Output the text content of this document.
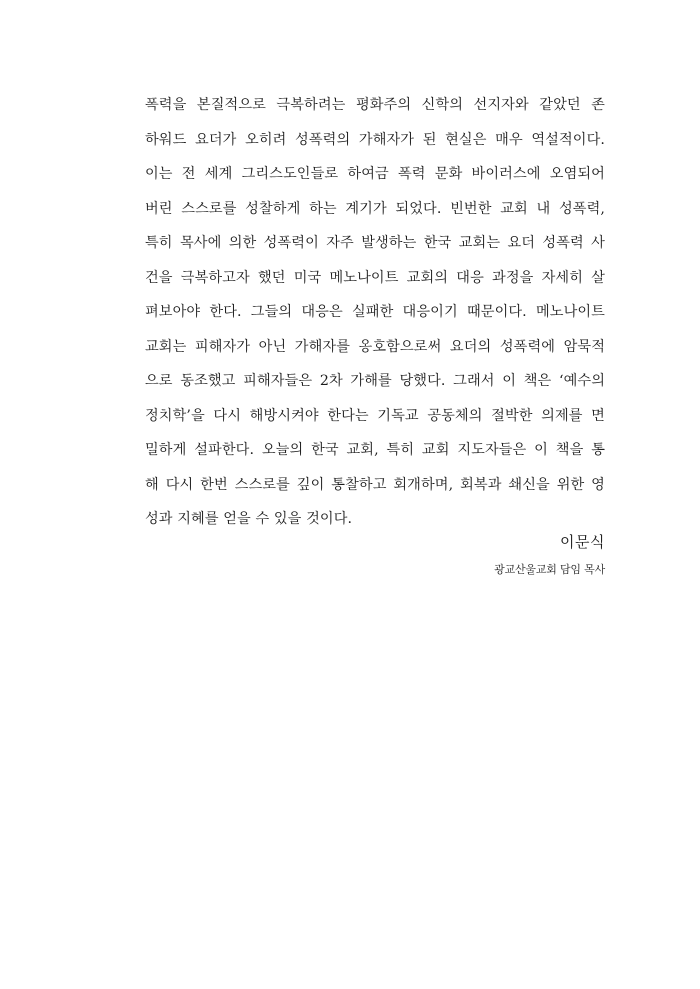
폭력을 본질적으로 극복하려는 평화주의 신학의 선지자와 같았던 존
하워드 요더가 오히려 성폭력의 가해자가 된 현실은 매우 역설적이다.
이는 전 세계 그리스도인들로 하여금 폭력 문화 바이러스에 오염되어
버린 스스로를 성찰하게 하는 계기가 되었다. 빈번한 교회 내 성폭력,
특히 목사에 의한 성폭력이 자주 발생하는 한국 교회는 요더 성폭력 사
건을 극복하고자 했던 미국 메노나이트 교회의 대응 과정을 자세히 살
펴보아야 한다. 그들의 대응은 실패한 대응이기 때문이다. 메노나이트
교회는 피해자가 아닌 가해자를 옹호함으로써 요더의 성폭력에 암묵적
으로 동조했고 피해자들은 2차 가해를 당했다. 그래서 이 책은 ‘예수의
정치학’을 다시 해방시켜야 한다는 기독교 공동체의 절박한 의제를 면
밀하게 설파한다. 오늘의 한국 교회, 특히 교회 지도자들은 이 책을 통
해 다시 한번 스스로를 깊이 통찰하고 회개하며, 회복과 쇄신을 위한 영
성과 지혜를 얻을 수 있을 것이다.
이문식
광교산울교회 담임 목사
